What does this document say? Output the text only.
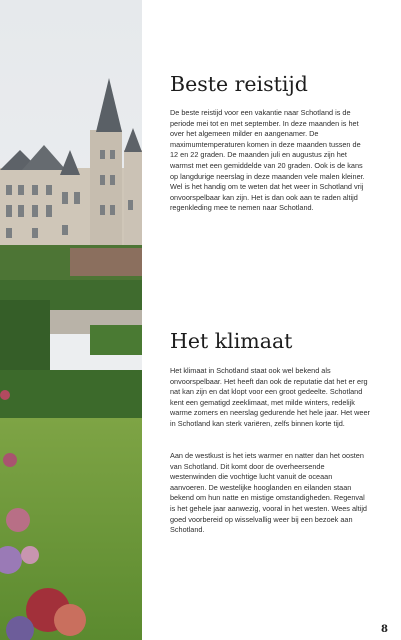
Beste reistijd

De beste reistijd voor een vakantie naar Schotland is de periode mei tot en met september. In deze maanden is het over het algemeen milder en aangenamer. De maximumtemperaturen komen in deze maanden tussen de 12 en 22 graden. De maanden juli en augustus zijn het warmst met een gemiddelde van 20 graden. Ook is de kans op langdurige neerslag in deze maanden vele malen kleiner. Wel is het handig om te weten dat het weer in Schotland vrij onvoorspelbaar kan zijn. Het is dan ook aan te raden altijd regenkleding mee te nemen naar Schotland.

Het klimaat

Het klimaat in Schotland staat ook wel bekend als onvoorspelbaar. Het heeft dan ook de reputatie dat het er erg nat kan zijn en dat klopt voor een groot gedeelte. Schotland kent een gematigd zeeklimaat, met milde winters, redelijk warme zomers en neerslag gedurende het hele jaar. Het weer in Schotland kan sterk variëren, zelfs binnen korte tijd.

Aan de westkust is het iets warmer en natter dan het oosten van Schotland. Dit komt door de overheersende westenwinden die vochtige lucht vanuit de oceaan aanvoeren. De westelijke hooglanden en eilanden staan bekend om hun natte en mistige omstandigheden. Regenval is het gehele jaar aanwezig, vooral in het westen. Wees altijd goed voorbereid op wisselvallig weer bij een bezoek aan Schotland.

8
